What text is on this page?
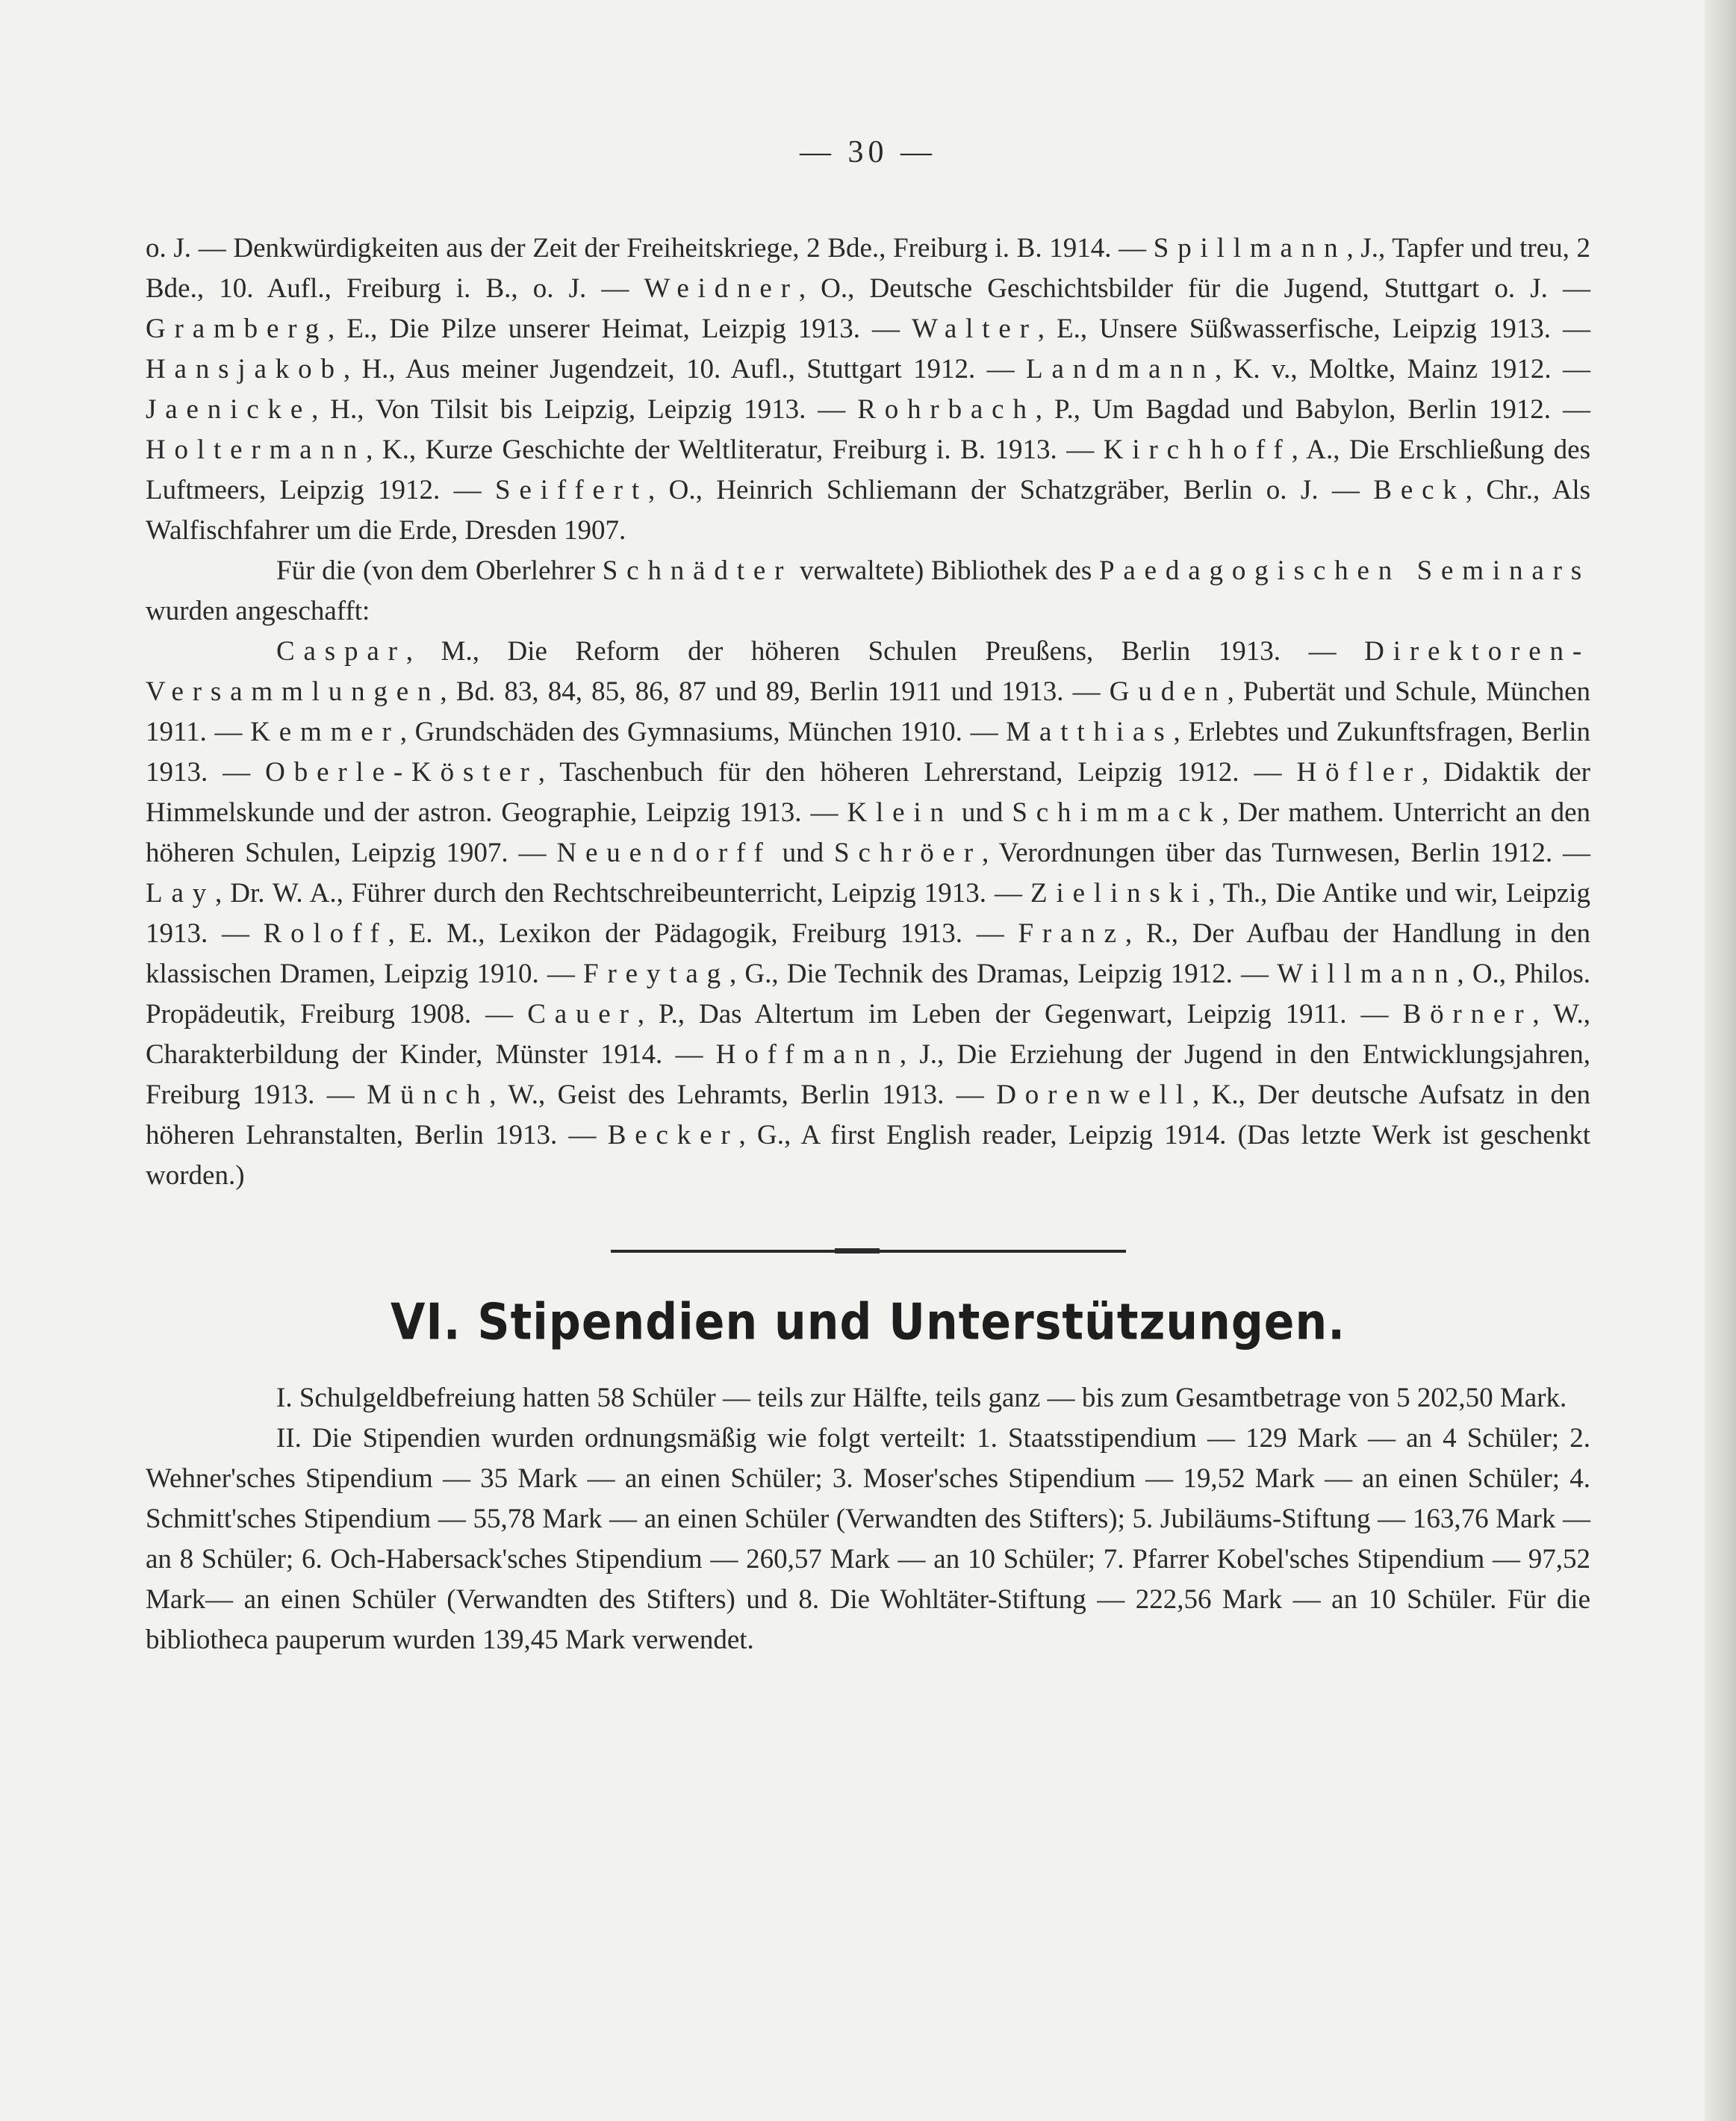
— 30 —

o. J. — Denkwürdigkeiten aus der Zeit der Freiheitskriege, 2 Bde., Freiburg i. B. 1914. — Spillmann, J., Tapfer und treu, 2 Bde., 10. Aufl., Freiburg i. B., o. J. — Weidner, O., Deutsche Geschichtsbilder für die Jugend, Stuttgart o. J. — Gramberg, E., Die Pilze unserer Heimat, Leizpig 1913. — Walter, E., Unsere Süßwasserfische, Leipzig 1913. — Hansjakob, H., Aus meiner Jugendzeit, 10. Aufl., Stuttgart 1912. — Landmann, K. v., Moltke, Mainz 1912. — Jaenicke, H., Von Tilsit bis Leipzig, Leipzig 1913. — Rohrbach, P., Um Bagdad und Babylon, Berlin 1912. — Holtermann, K., Kurze Geschichte der Weltliteratur, Freiburg i. B. 1913. — Kirchhoff, A., Die Erschließung des Luftmeers, Leipzig 1912. — Seiffert, O., Heinrich Schliemann der Schatzgräber, Berlin o. J. — Beck, Chr., Als Walfischfahrer um die Erde, Dresden 1907.

Für die (von dem Oberlehrer Schnädter verwaltete) Bibliothek des Paedagogischen Seminars wurden angeschafft:

Caspar, M., Die Reform der höheren Schulen Preußens, Berlin 1913. — Direktoren-Versammlungen, Bd. 83, 84, 85, 86, 87 und 89, Berlin 1911 und 1913. — Guden, Pubertät und Schule, München 1911. — Kemmer, Grundschäden des Gymnasiums, München 1910. — Matthias, Erlebtes und Zukunftsfragen, Berlin 1913. — Oberle-Köster, Taschenbuch für den höheren Lehrerstand, Leipzig 1912. — Höfler, Didaktik der Himmelskunde und der astron. Geographie, Leipzig 1913. — Klein und Schimmack, Der mathem. Unterricht an den höheren Schulen, Leipzig 1907. — Neuendorff und Schröer, Verordnungen über das Turnwesen, Berlin 1912. — Lay, Dr. W. A., Führer durch den Rechtschreibeunterricht, Leipzig 1913. — Zielinski, Th., Die Antike und wir, Leipzig 1913. — Roloff, E. M., Lexikon der Pädagogik, Freiburg 1913. — Franz, R., Der Aufbau der Handlung in den klassischen Dramen, Leipzig 1910. — Freytag, G., Die Technik des Dramas, Leipzig 1912. — Willmann, O., Philos. Propädeutik, Freiburg 1908. — Cauer, P., Das Altertum im Leben der Gegenwart, Leipzig 1911. — Börner, W., Charakterbildung der Kinder, Münster 1914. — Hoffmann, J., Die Erziehung der Jugend in den Entwicklungsjahren, Freiburg 1913. — Münch, W., Geist des Lehramts, Berlin 1913. — Dorenwell, K., Der deutsche Aufsatz in den höheren Lehranstalten, Berlin 1913. — Becker, G., A first English reader, Leipzig 1914. (Das letzte Werk ist geschenkt worden.)

VI. Stipendien und Unterstützungen.

I. Schulgeldbefreiung hatten 58 Schüler — teils zur Hälfte, teils ganz — bis zum Gesamtbetrage von 5 202,50 Mark.

II. Die Stipendien wurden ordnungsmäßig wie folgt verteilt: 1. Staatsstipendium — 129 Mark — an 4 Schüler; 2. Wehner'sches Stipendium — 35 Mark — an einen Schüler; 3. Moser'sches Stipendium — 19,52 Mark — an einen Schüler; 4. Schmitt'sches Stipendium — 55,78 Mark — an einen Schüler (Verwandten des Stifters); 5. Jubiläums-Stiftung — 163,76 Mark — an 8 Schüler; 6. Och-Habersack'sches Stipendium — 260,57 Mark — an 10 Schüler; 7. Pfarrer Kobel'sches Stipendium — 97,52 Mark— an einen Schüler (Verwandten des Stifters) und 8. Die Wohltäter-Stiftung — 222,56 Mark — an 10 Schüler. Für die bibliotheca pauperum wurden 139,45 Mark verwendet.
